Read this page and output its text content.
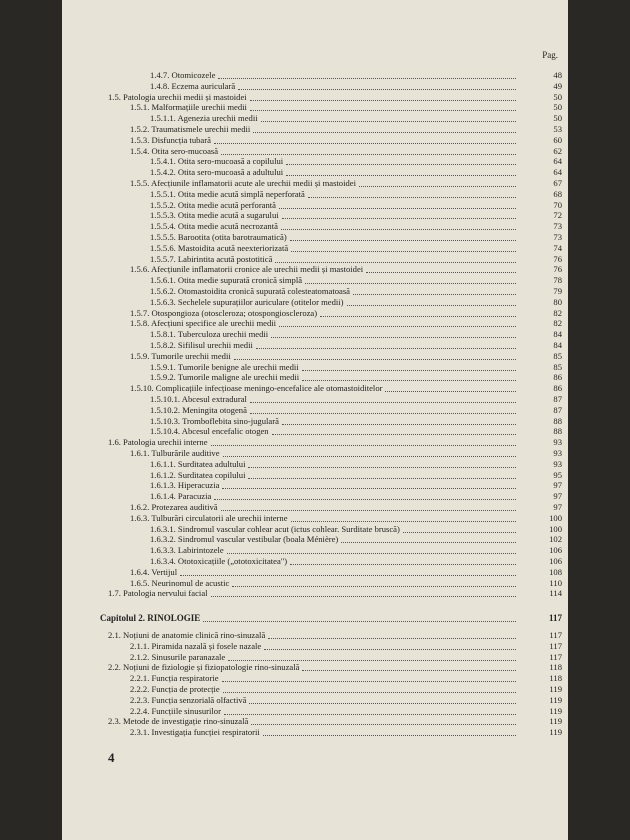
Pag.
1.4.7. Otomicozele	48
1.4.8. Eczema auriculară	49
1.5. Patologia urechii medii și mastoidei	50
1.5.1. Malformațiile urechii medii	50
1.5.1.1. Agenezia urechii medii	50
1.5.2. Traumatismele urechii medii	53
1.5.3. Disfuncția tubară	60
1.5.4. Otita sero-mucoasă	62
1.5.4.1. Otita sero-mucoasă a copilului	64
1.5.4.2. Otita sero-mucoasă a adultului	64
1.5.5. Afecțiunile inflamatorii acute ale urechii medii și mastoidei	67
1.5.5.1. Otita medie acută simplă neperforată	68
1.5.5.2. Otita medie acută perforantă	70
1.5.5.3. Otita medie acută a sugarului	72
1.5.5.4. Otita medie acută necrozantă	73
1.5.5.5. Barootita (otita barotraumatică)	73
1.5.5.6. Mastoidita acută neexteriorizată	74
1.5.5.7. Labirintita acută postotitică	76
1.5.6. Afecțiunile inflamatorii cronice ale urechii medii și mastoidei	76
1.5.6.1. Otita medie supurată cronică simplă	78
1.5.6.2. Otomastoidita cronică supurată colesteatomatoasă	79
1.5.6.3. Sechelele supurațiilor auriculare (otitelor medii)	80
1.5.7. Otospongioza (otoscleroza; otospongioscleroza)	82
1.5.8. Afecțiuni specifice ale urechii medii	82
1.5.8.1. Tuberculoza urechii medii	84
1.5.8.2. Sifilisul urechii medii	84
1.5.9. Tumorile urechii medii	85
1.5.9.1. Tumorile benigne ale urechii medii	85
1.5.9.2. Tumorile maligne ale urechii medii	86
1.5.10. Complicațiile infecțioase meningo-encefalice ale otomastoiditelor	86
1.5.10.1. Abcesul extradural	87
1.5.10.2. Meningita otogenă	87
1.5.10.3. Tromboflebita sino-jugulară	88
1.5.10.4. Abcesul encefalic otogen	88
1.6. Patologia urechii interne	93
1.6.1. Tulburările auditive	93
1.6.1.1. Surditatea adultului	93
1.6.1.2. Surditatea copilului	95
1.6.1.3. Hiperacuzia	97
1.6.1.4. Paracuzia	97
1.6.2. Protezarea auditivă	97
1.6.3. Tulburări circulatorii ale urechii interne	100
1.6.3.1. Sindromul vascular cohlear acut (ictus cohlear. Surditate bruscă)	100
1.6.3.2. Sindromul vascular vestibular (boala Ménière)	102
1.6.3.3. Labirintozele	106
1.6.3.4. Ototoxicațiile („ototoxicitatea")	106
1.6.4. Vertijul	108
1.6.5. Neurinomul de acustic	110
1.7. Patologia nervului facial	114
Capitolul 2. RINOLOGIE	117
2.1. Noțiuni de anatomie clinică rino-sinuzală	117
2.1.1. Piramida nazală și fosele nazale	117
2.1.2. Sinusurile paranazale	117
2.2. Noțiuni de fiziologie și fiziopatologie rino-sinuzală	118
2.2.1. Funcția respiratorie	118
2.2.2. Funcția de protecție	119
2.2.3. Funcția senzorială olfactivă	119
2.2.4. Funcțiile sinusurilor	119
2.3. Metode de investigație rino-sinuzală	119
2.3.1. Investigația funcției respiratorii	119
4
